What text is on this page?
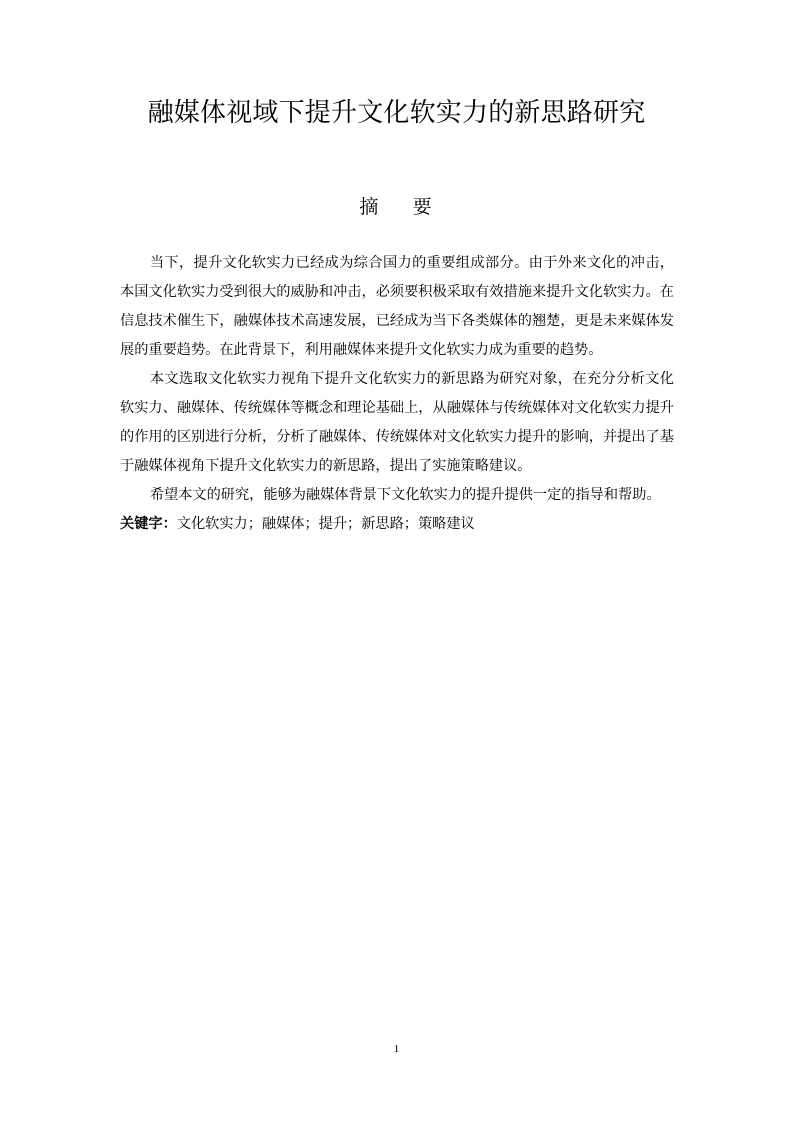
融媒体视域下提升文化软实力的新思路研究
摘    要

当下，提升文化软实力已经成为综合国力的重要组成部分。由于外来文化的冲击，本国文化软实力受到很大的威胁和冲击，必须要积极采取有效措施来提升文化软实力。在信息技术催生下，融媒体技术高速发展，已经成为当下各类媒体的翘楚，更是未来媒体发展的重要趋势。在此背景下，利用融媒体来提升文化软实力成为重要的趋势。

本文选取文化软实力视角下提升文化软实力的新思路为研究对象，在充分分析文化软实力、融媒体、传统媒体等概念和理论基础上，从融媒体与传统媒体对文化软实力提升的作用的区别进行分析，分析了融媒体、传统媒体对文化软实力提升的影响，并提出了基于融媒体视角下提升文化软实力的新思路，提出了实施策略建议。

希望本文的研究，能够为融媒体背景下文化软实力的提升提供一定的指导和帮助。

关键字：文化软实力；融媒体；提升；新思路；策略建议

1
